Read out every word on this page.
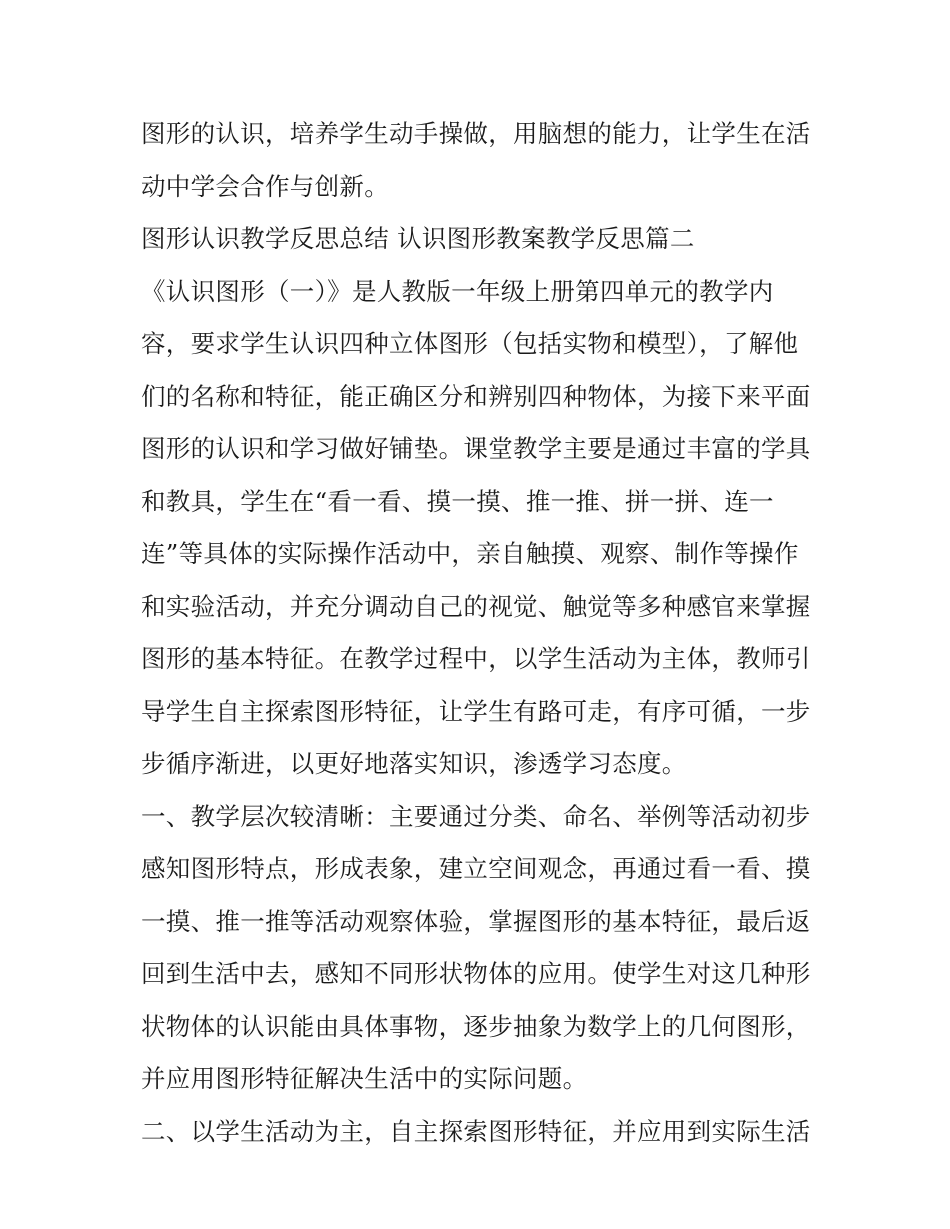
图形的认识，培养学生动手操做，用脑想的能力，让学生在活
动中学会合作与创新。
图形认识教学反思总结 认识图形教案教学反思篇二
《认识图形（一）》是人教版一年级上册第四单元的教学内
容，要求学生认识四种立体图形（包括实物和模型），了解他
们的名称和特征，能正确区分和辨别四种物体，为接下来平面
图形的认识和学习做好铺垫。课堂教学主要是通过丰富的学具
和教具，学生在“看一看、摸一摸、推一推、拼一拼、连一
连”等具体的实际操作活动中，亲自触摸、观察、制作等操作
和实验活动，并充分调动自己的视觉、触觉等多种感官来掌握
图形的基本特征。在教学过程中，以学生活动为主体，教师引
导学生自主探索图形特征，让学生有路可走，有序可循，一步
步循序渐进，以更好地落实知识，渗透学习态度。
一、教学层次较清晰：主要通过分类、命名、举例等活动初步
感知图形特点，形成表象，建立空间观念，再通过看一看、摸
一摸、推一推等活动观察体验，掌握图形的基本特征，最后返
回到生活中去，感知不同形状物体的应用。使学生对这几种形
状物体的认识能由具体事物，逐步抽象为数学上的几何图形，
并应用图形特征解决生活中的实际问题。
二、以学生活动为主，自主探索图形特征，并应用到实际生活
